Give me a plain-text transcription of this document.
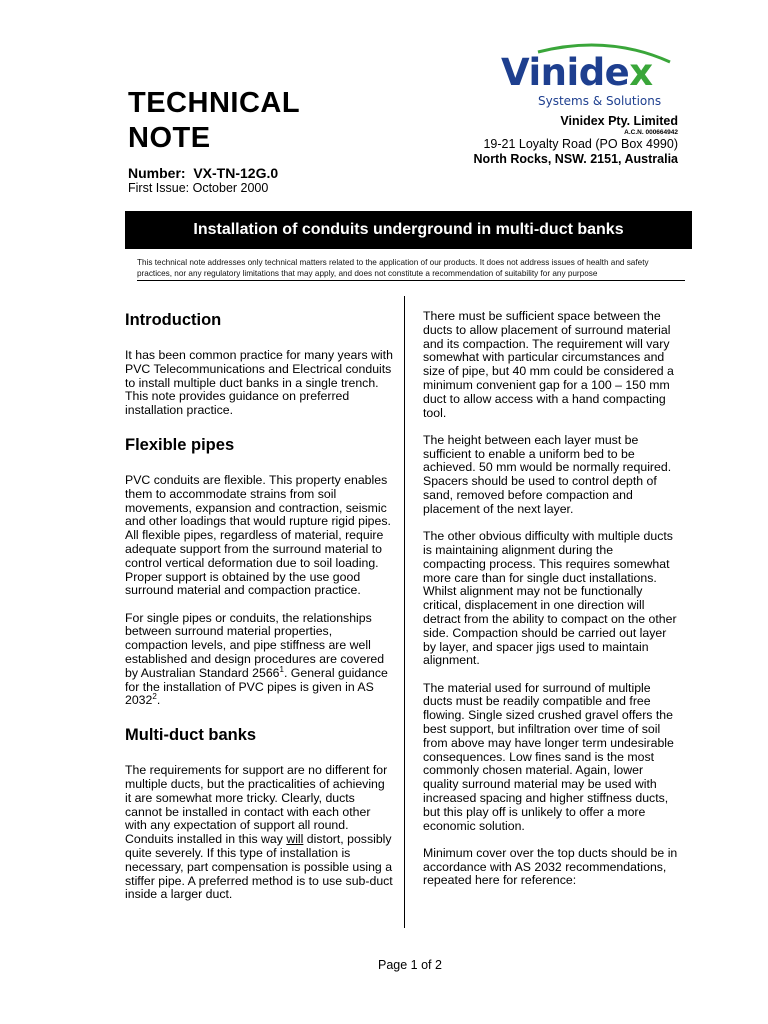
TECHNICAL
NOTE
Number: VX-TN-12G.0
First Issue: October 2000
Vinidex
Systems & Solutions
Vinidex Pty. Limited
A.C.N. 000664942
19-21 Loyalty Road (PO Box 4990)
North Rocks, NSW. 2151, Australia
Installation of conduits underground in multi-duct banks
This technical note addresses only technical matters related to the application of our products. It does not address issues of health and safety
practices, nor any regulatory limitations that may apply, and does not constitute a recommendation of suitability for any purpose
Introduction

It has been common practice for many years with PVC Telecommunications and Electrical conduits to install multiple duct banks in a single trench. This note provides guidance on preferred installation practice.

Flexible pipes

PVC conduits are flexible. This property enables them to accommodate strains from soil movements, expansion and contraction, seismic and other loadings that would rupture rigid pipes. All flexible pipes, regardless of material, require adequate support from the surround material to control vertical deformation due to soil loading. Proper support is obtained by the use good surround material and compaction practice.

For single pipes or conduits, the relationships between surround material properties, compaction levels, and pipe stiffness are well established and design procedures are covered by Australian Standard 2566$^1$. General guidance for the installation of PVC pipes is given in AS 2032$^2$.

Multi-duct banks

The requirements for support are no different for multiple ducts, but the practicalities of achieving it are somewhat more tricky. Clearly, ducts cannot be installed in contact with each other with any expectation of support all round. Conduits installed in this way will distort, possibly quite severely. If this type of installation is necessary, part compensation is possible using a stiffer pipe. A preferred method is to use sub-duct inside a larger duct.

There must be sufficient space between the ducts to allow placement of surround material and its compaction. The requirement will vary somewhat with particular circumstances and size of pipe, but 40 mm could be considered a minimum convenient gap for a 100 – 150 mm duct to allow access with a hand compacting tool.

The height between each layer must be sufficient to enable a uniform bed to be achieved. 50 mm would be normally required. Spacers should be used to control depth of sand, removed before compaction and placement of the next layer.

The other obvious difficulty with multiple ducts is maintaining alignment during the compacting process. This requires somewhat more care than for single duct installations. Whilst alignment may not be functionally critical, displacement in one direction will detract from the ability to compact on the other side. Compaction should be carried out layer by layer, and spacer jigs used to maintain alignment.

The material used for surround of multiple ducts must be readily compatible and free flowing. Single sized crushed gravel offers the best support, but infiltration over time of soil from above may have longer term undesirable consequences. Low fines sand is the most commonly chosen material. Again, lower quality surround material may be used with increased spacing and higher stiffness ducts, but this play off is unlikely to offer a more economic solution.

Minimum cover over the top ducts should be in accordance with AS 2032 recommendations, repeated here for reference:

Page 1 of 2
